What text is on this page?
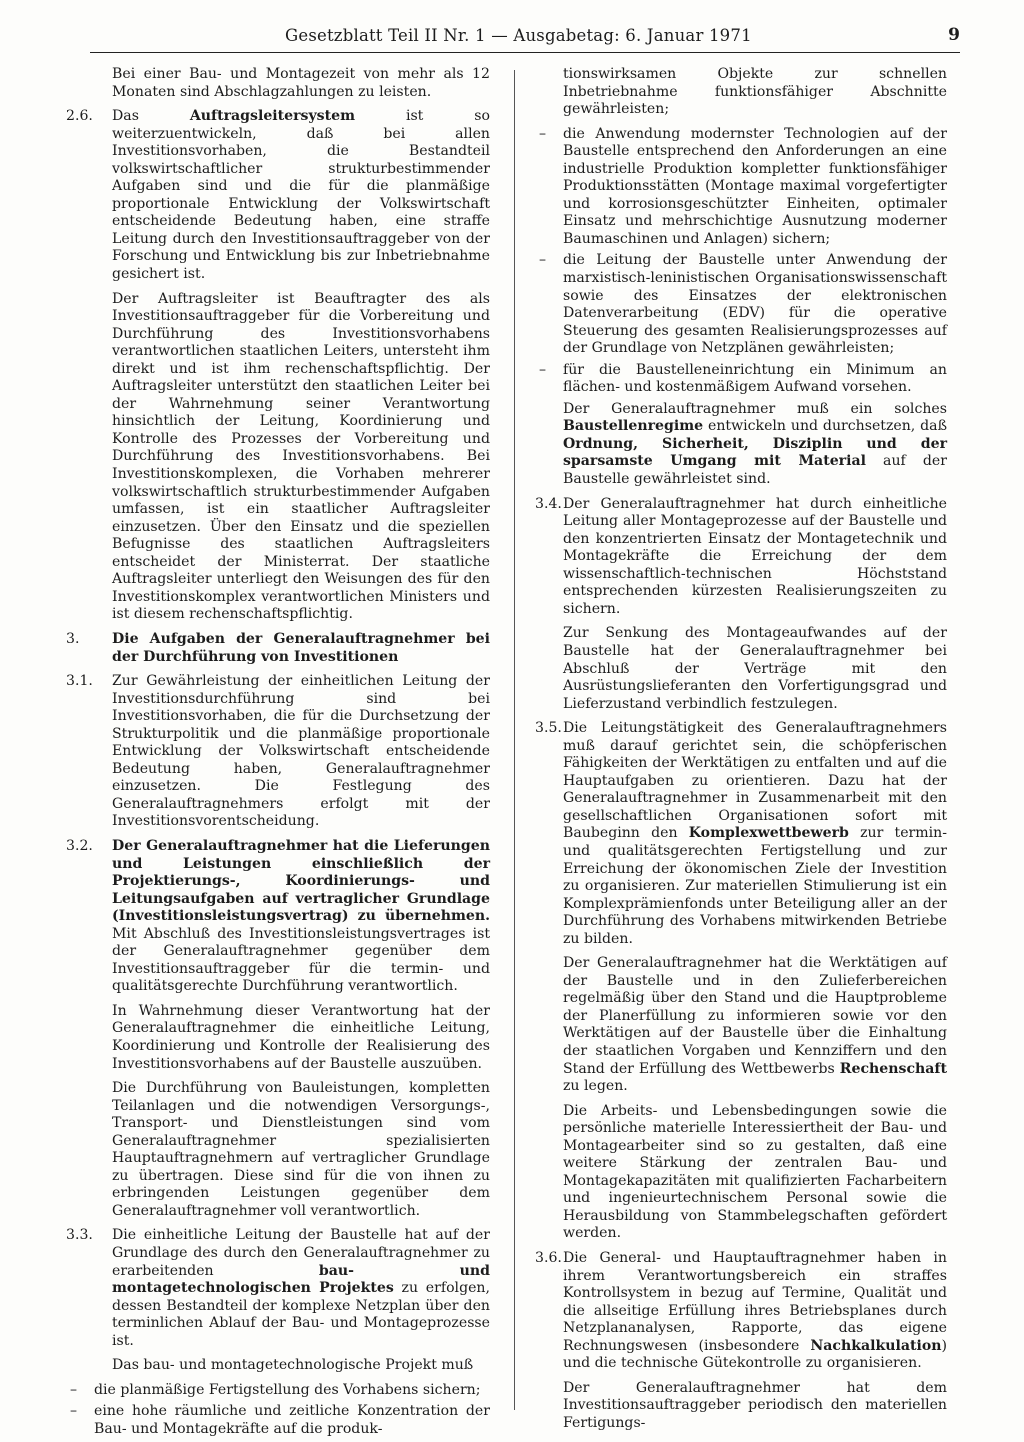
Gesetzblatt Teil II Nr. 1 — Ausgabetag: 6. Januar 1971	9
Bei einer Bau- und Montagezeit von mehr als 12 Monaten sind Abschlagzahlungen zu leisten.
2.6. Das Auftragsleitersystem ist so weiterzuentwickeln, daß bei allen Investitionsvorhaben, die Bestandteil volkswirtschaftlicher strukturbestimmender Aufgaben sind und die für die planmäßige proportionale Entwicklung der Volkswirtschaft entscheidende Bedeutung haben, eine straffe Leitung durch den Investitionsauftraggeber von der Forschung und Entwicklung bis zur Inbetriebnahme gesichert ist.
Der Auftragsleiter ist Beauftragter des als Investitionsauftraggeber für die Vorbereitung und Durchführung des Investitionsvorhabens verantwortlichen staatlichen Leiters, untersteht ihm direkt und ist ihm rechenschaftspflichtig. Der Auftragsleiter unterstützt den staatlichen Leiter bei der Wahrnehmung seiner Verantwortung hinsichtlich der Leitung, Koordinierung und Kontrolle des Prozesses der Vorbereitung und Durchführung des Investitionsvorhabens. Bei Investitionskomplexen, die Vorhaben mehrerer volkswirtschaftlich strukturbestimmender Aufgaben umfassen, ist ein staatlicher Auftragsleiter einzusetzen. Über den Einsatz und die speziellen Befugnisse des staatlichen Auftragsleiters entscheidet der Ministerrat. Der staatliche Auftragsleiter unterliegt den Weisungen des für den Investitionskomplex verantwortlichen Ministers und ist diesem rechenschaftspflichtig.
3. Die Aufgaben der Generalauftragnehmer bei der Durchführung von Investitionen
3.1. Zur Gewährleistung der einheitlichen Leitung der Investitionsdurchführung sind bei Investitionsvorhaben, die für die Durchsetzung der Strukturpolitik und die planmäßige proportionale Entwicklung der Volkswirtschaft entscheidende Bedeutung haben, Generalauftragnehmer einzusetzen. Die Festlegung des Generalauftragnehmers erfolgt mit der Investitionsvorentscheidung.
3.2. Der Generalauftragnehmer hat die Lieferungen und Leistungen einschließlich der Projektierungs-, Koordinierungs- und Leitungsaufgaben auf vertraglicher Grundlage (Investitionsleistungsvertrag) zu übernehmen. Mit Abschluß des Investitionsleistungsvertrages ist der Generalauftragnehmer gegenüber dem Investitionsauftraggeber für die termin- und qualitätsgerechte Durchführung verantwortlich.
In Wahrnehmung dieser Verantwortung hat der Generalauftragnehmer die einheitliche Leitung, Koordinierung und Kontrolle der Realisierung des Investitionsvorhabens auf der Baustelle auszuüben.
Die Durchführung von Bauleistungen, kompletten Teilanlagen und die notwendigen Versorgungs-, Transport- und Dienstleistungen sind vom Generalauftragnehmer spezialisierten Hauptauftragnehmern auf vertraglicher Grundlage zu übertragen. Diese sind für die von ihnen zu erbringenden Leistungen gegenüber dem Generalauftragnehmer voll verantwortlich.
3.3. Die einheitliche Leitung der Baustelle hat auf der Grundlage des durch den Generalauftragnehmer zu erarbeitenden bau- und montagetechnologischen Projektes zu erfolgen, dessen Bestandteil der komplexe Netzplan über den terminlichen Ablauf der Bau- und Montageprozesse ist.
Das bau- und montagetechnologische Projekt muß
– die planmäßige Fertigstellung des Vorhabens sichern;
– eine hohe räumliche und zeitliche Konzentration der Bau- und Montagekräfte auf die produk-
tionswirksamen Objekte zur schnellen Inbetriebnahme funktionsfähiger Abschnitte gewährleisten;
– die Anwendung modernster Technologien auf der Baustelle entsprechend den Anforderungen an eine industrielle Produktion kompletter funktionsfähiger Produktionsstätten (Montage maximal vorgefertigter und korrosionsgeschützter Einheiten, optimaler Einsatz und mehrschichtige Ausnutzung moderner Baumaschinen und Anlagen) sichern;
– die Leitung der Baustelle unter Anwendung der marxistisch-leninistischen Organisationswissenschaft sowie des Einsatzes der elektronischen Datenverarbeitung (EDV) für die operative Steuerung des gesamten Realisierungsprozesses auf der Grundlage von Netzplänen gewährleisten;
– für die Baustelleneinrichtung ein Minimum an flächen- und kostenmäßigem Aufwand vorsehen.
Der Generalauftragnehmer muß ein solches Baustellenregime entwickeln und durchsetzen, daß Ordnung, Sicherheit, Disziplin und der sparsamste Umgang mit Material auf der Baustelle gewährleistet sind.
3.4. Der Generalauftragnehmer hat durch einheitliche Leitung aller Montageprozesse auf der Baustelle und den konzentrierten Einsatz der Montagetechnik und Montagekräfte die Erreichung der dem wissenschaftlich-technischen Höchststand entsprechenden kürzesten Realisierungszeiten zu sichern.
Zur Senkung des Montageaufwandes auf der Baustelle hat der Generalauftragnehmer bei Abschluß der Verträge mit den Ausrüstungslieferanten den Vorfertigungsgrad und Lieferzustand verbindlich festzulegen.
3.5. Die Leitungstätigkeit des Generalauftragnehmers muß darauf gerichtet sein, die schöpferischen Fähigkeiten der Werktätigen zu entfalten und auf die Hauptaufgaben zu orientieren. Dazu hat der Generalauftragnehmer in Zusammenarbeit mit den gesellschaftlichen Organisationen sofort mit Baubeginn den Komplexwettbewerb zur termin- und qualitätsgerechten Fertigstellung und zur Erreichung der ökonomischen Ziele der Investition zu organisieren. Zur materiellen Stimulierung ist ein Komplexprämienfonds unter Beteiligung aller an der Durchführung des Vorhabens mitwirkenden Betriebe zu bilden.
Der Generalauftragnehmer hat die Werktätigen auf der Baustelle und in den Zulieferbereichen regelmäßig über den Stand und die Hauptprobleme der Planerfüllung zu informieren sowie vor den Werktätigen auf der Baustelle über die Einhaltung der staatlichen Vorgaben und Kennziffern und den Stand der Erfüllung des Wettbewerbs Rechenschaft zu legen.
Die Arbeits- und Lebensbedingungen sowie die persönliche materielle Interessiertheit der Bau- und Montagearbeiter sind so zu gestalten, daß eine weitere Stärkung der zentralen Bau- und Montagekapazitäten mit qualifizierten Facharbeitern und ingenieurtechnischem Personal sowie die Herausbildung von Stammbelegschaften gefördert werden.
3.6. Die General- und Hauptauftragnehmer haben in ihrem Verantwortungsbereich ein straffes Kontrollsystem in bezug auf Termine, Qualität und die allseitige Erfüllung ihres Betriebsplanes durch Netzplananalysen, Rapporte, das eigene Rechnungswesen (insbesondere Nachkalkulation) und die technische Gütekontrolle zu organisieren.
Der Generalauftragnehmer hat dem Investitionsauftraggeber periodisch den materiellen Fertigungs-
